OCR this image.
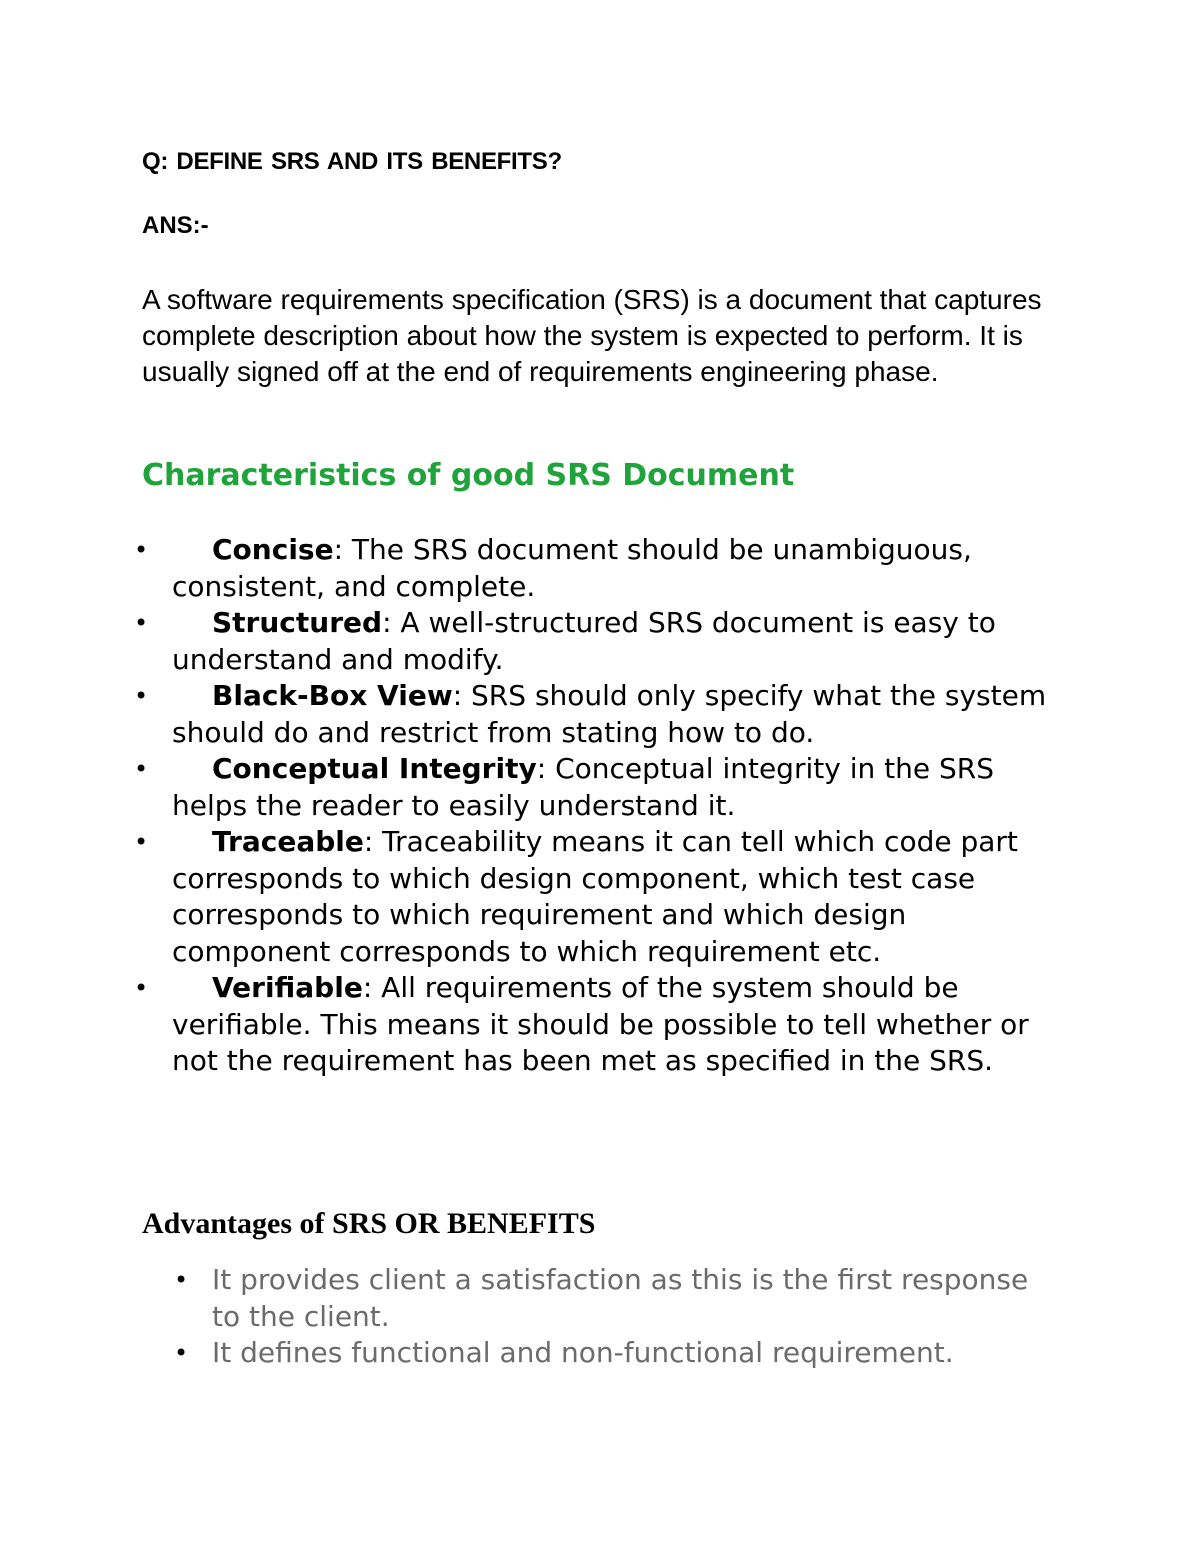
Q: DEFINE SRS AND ITS BENEFITS?

ANS:-

A software requirements specification (SRS) is a document that captures complete description about how the system is expected to perform. It is usually signed off at the end of requirements engineering phase.

Characteristics of good SRS Document
• Concise: The SRS document should be unambiguous, consistent, and complete.
• Structured: A well-structured SRS document is easy to understand and modify.
• Black-Box View: SRS should only specify what the system should do and restrict from stating how to do.
• Conceptual Integrity: Conceptual integrity in the SRS helps the reader to easily understand it.
• Traceable: Traceability means it can tell which code part corresponds to which design component, which test case corresponds to which requirement and which design component corresponds to which requirement etc.
• Verifiable: All requirements of the system should be verifiable. This means it should be possible to tell whether or not the requirement has been met as specified in the SRS.
Advantages of SRS OR BENEFITS
• It provides client a satisfaction as this is the first response to the client.
• It defines functional and non-functional requirement.
